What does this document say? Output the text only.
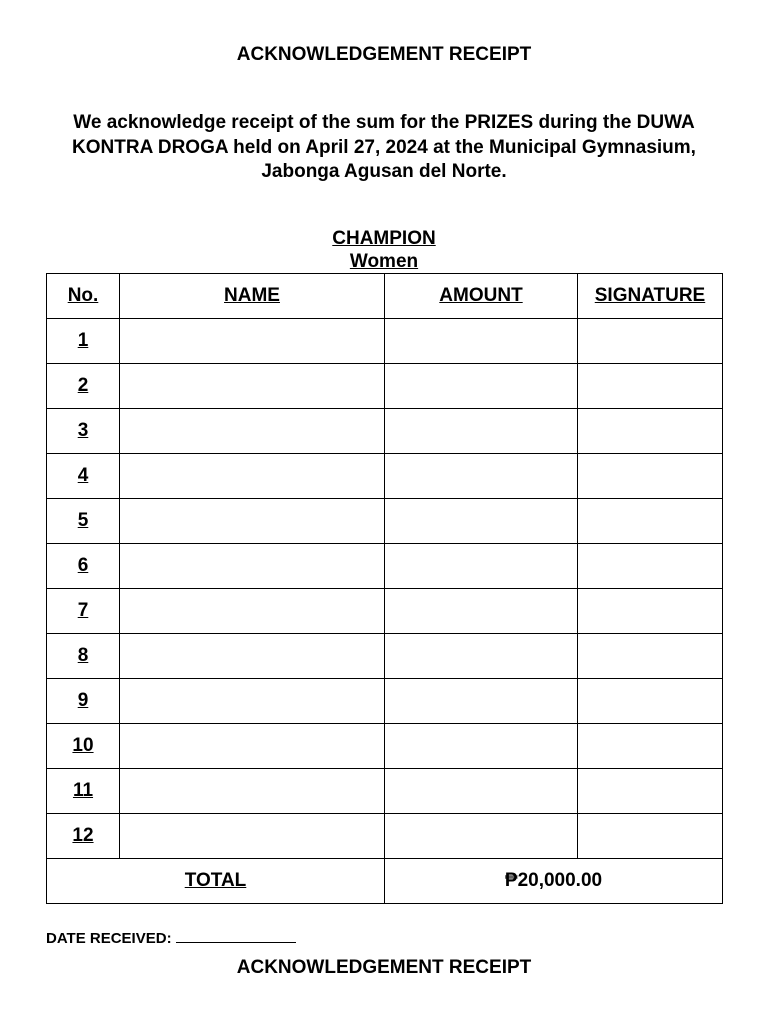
ACKNOWLEDGEMENT RECEIPT
We acknowledge receipt of the sum for the PRIZES during the DUWA KONTRA DROGA held on April 27, 2024 at the Municipal Gymnasium, Jabonga Agusan del Norte.
CHAMPION
Women
No.	NAME	AMOUNT	SIGNATURE
1			
2			
3			
4			
5			
6			
7			
8			
9			
10			
11			
12			
TOTAL		₱20,000.00	
DATE RECEIVED:
ACKNOWLEDGEMENT RECEIPT
